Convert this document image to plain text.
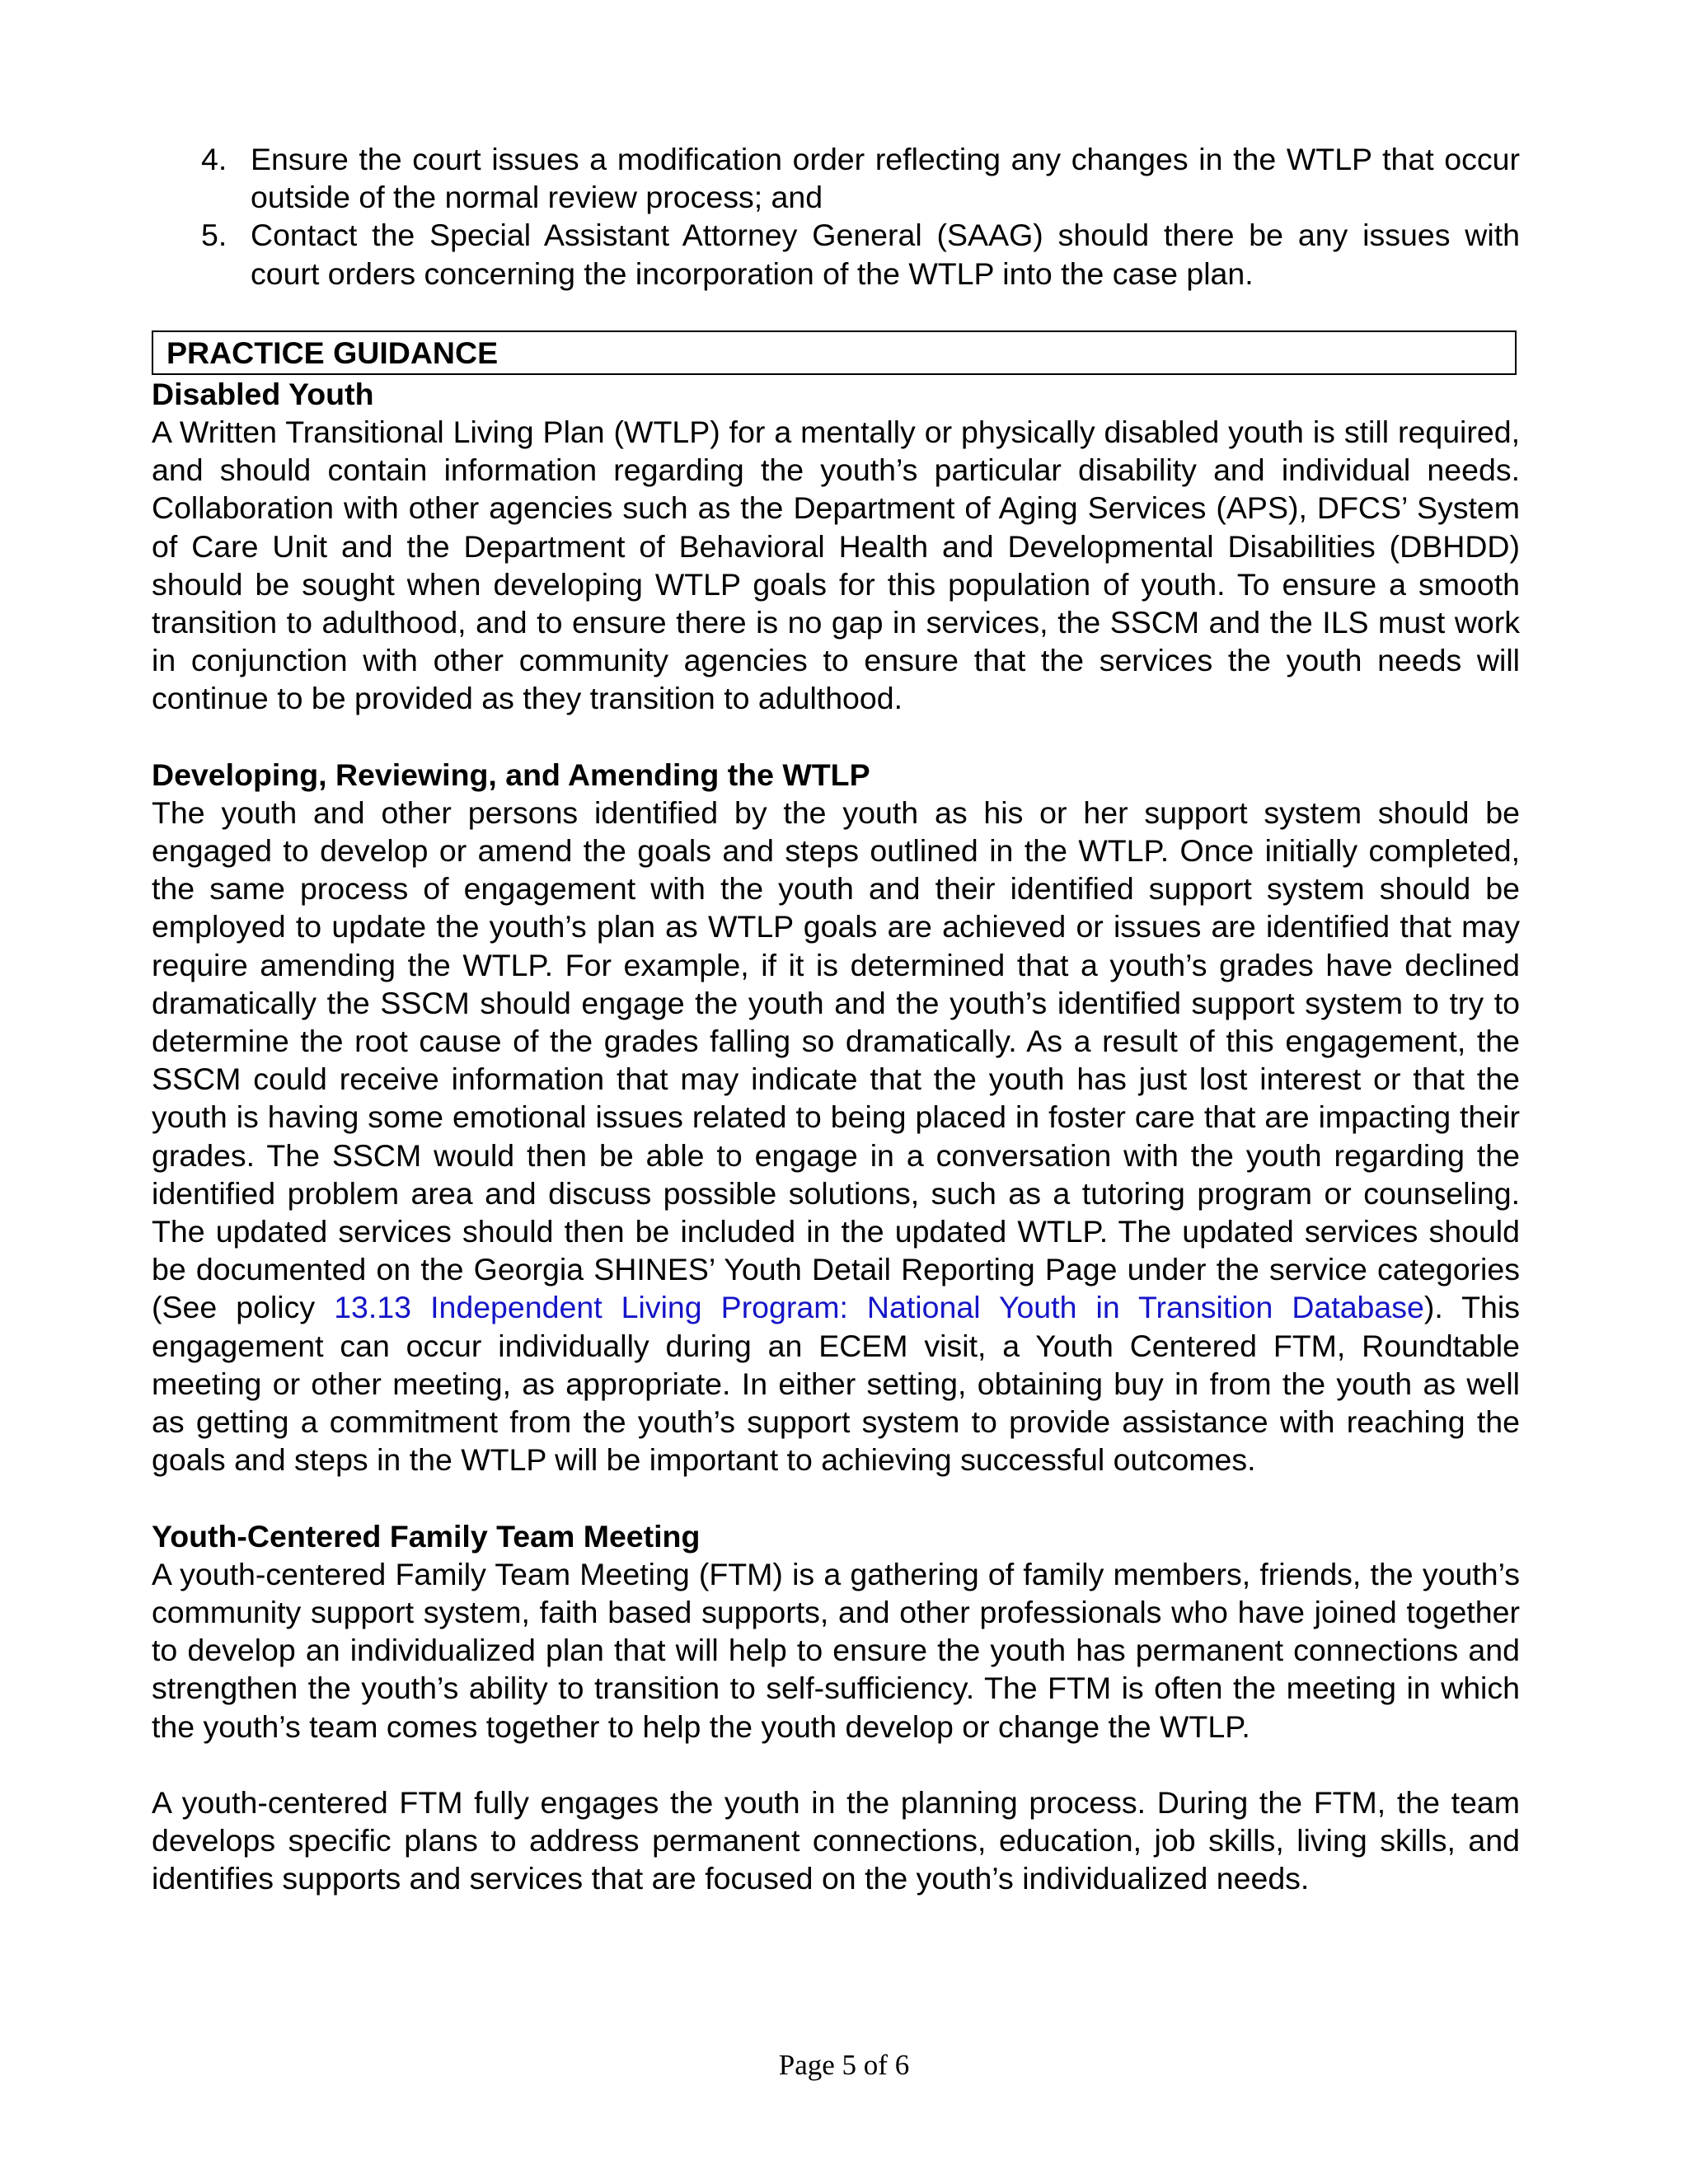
4. Ensure the court issues a modification order reflecting any changes in the WTLP that occur outside of the normal review process; and
5. Contact the Special Assistant Attorney General (SAAG) should there be any issues with court orders concerning the incorporation of the WTLP into the case plan.
PRACTICE GUIDANCE

Disabled Youth

A Written Transitional Living Plan (WTLP) for a mentally or physically disabled youth is still required, and should contain information regarding the youth’s particular disability and individual needs. Collaboration with other agencies such as the Department of Aging Services (APS), DFCS’ System of Care Unit and the Department of Behavioral Health and Developmental Disabilities (DBHDD) should be sought when developing WTLP goals for this population of youth. To ensure a smooth transition to adulthood, and to ensure there is no gap in services, the SSCM and the ILS must work in conjunction with other community agencies to ensure that the services the youth needs will continue to be provided as they transition to adulthood.

Developing, Reviewing, and Amending the WTLP

The youth and other persons identified by the youth as his or her support system should be engaged to develop or amend the goals and steps outlined in the WTLP. Once initially completed, the same process of engagement with the youth and their identified support system should be employed to update the youth’s plan as WTLP goals are achieved or issues are identified that may require amending the WTLP. For example, if it is determined that a youth’s grades have declined dramatically the SSCM should engage the youth and the youth’s identified support system to try to determine the root cause of the grades falling so dramatically. As a result of this engagement, the SSCM could receive information that may indicate that the youth has just lost interest or that the youth is having some emotional issues related to being placed in foster care that are impacting their grades. The SSCM would then be able to engage in a conversation with the youth regarding the identified problem area and discuss possible solutions, such as a tutoring program or counseling. The updated services should then be included in the updated WTLP. The updated services should be documented on the Georgia SHINES’ Youth Detail Reporting Page under the service categories (See policy 13.13 Independent Living Program: National Youth in Transition Database). This engagement can occur individually during an ECEM visit, a Youth Centered FTM, Roundtable meeting or other meeting, as appropriate. In either setting, obtaining buy in from the youth as well as getting a commitment from the youth’s support system to provide assistance with reaching the goals and steps in the WTLP will be important to achieving successful outcomes.

Youth-Centered Family Team Meeting

A youth-centered Family Team Meeting (FTM) is a gathering of family members, friends, the youth’s community support system, faith based supports, and other professionals who have joined together to develop an individualized plan that will help to ensure the youth has permanent connections and strengthen the youth’s ability to transition to self-sufficiency. The FTM is often the meeting in which the youth’s team comes together to help the youth develop or change the WTLP.

A youth-centered FTM fully engages the youth in the planning process. During the FTM, the team develops specific plans to address permanent connections, education, job skills, living skills, and identifies supports and services that are focused on the youth’s individualized needs.

Page 5 of 6
